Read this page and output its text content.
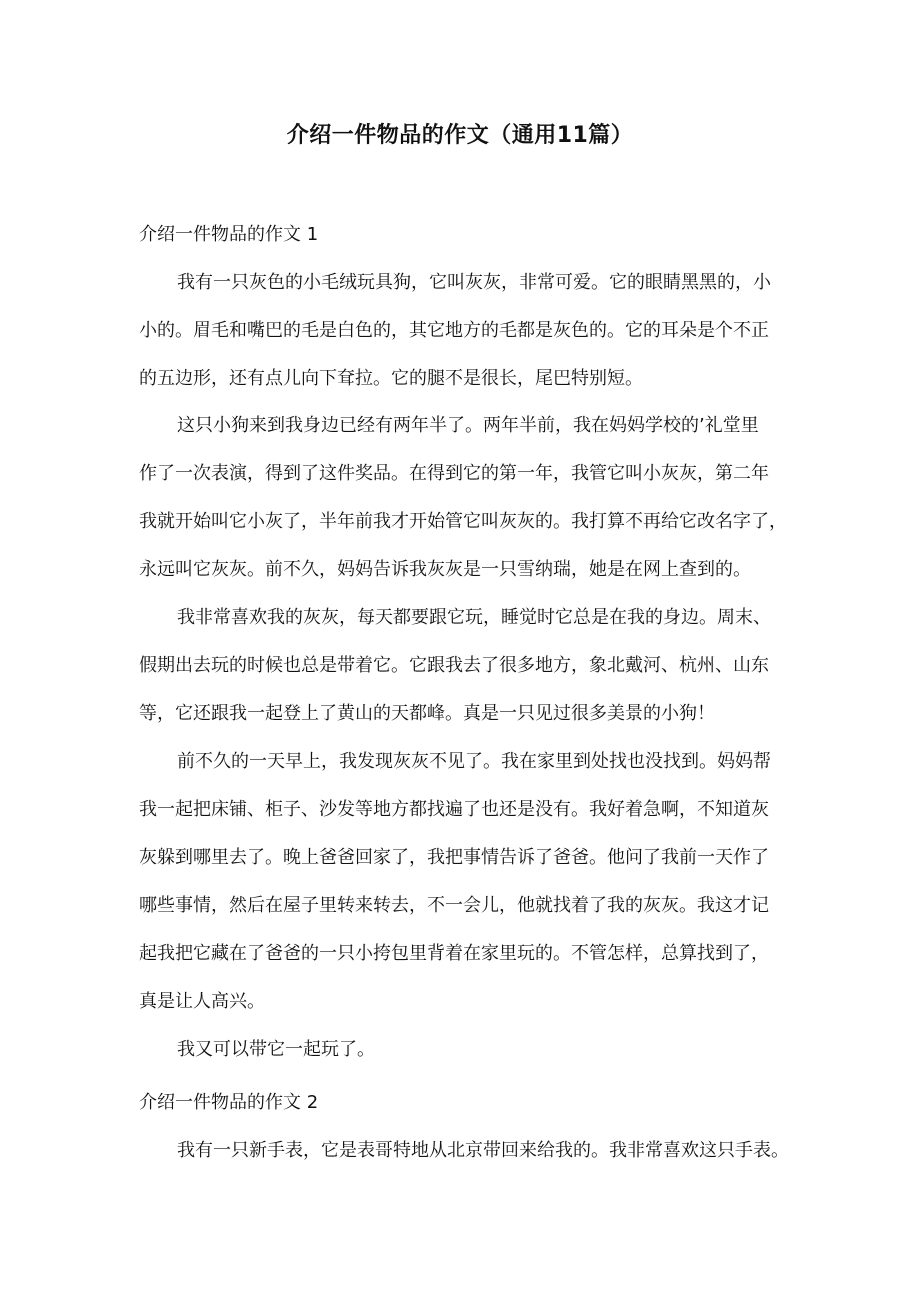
介绍一件物品的作文（通用11篇）

介绍一件物品的作文 1

我有一只灰色的小毛绒玩具狗，它叫灰灰，非常可爱。它的眼睛黑黑的，小

小的。眉毛和嘴巴的毛是白色的，其它地方的毛都是灰色的。它的耳朵是个不正

的五边形，还有点儿向下耷拉。它的腿不是很长，尾巴特别短。

这只小狗来到我身边已经有两年半了。两年半前，我在妈妈学校的’礼堂里

作了一次表演，得到了这件奖品。在得到它的第一年，我管它叫小灰灰，第二年

我就开始叫它小灰了，半年前我才开始管它叫灰灰的。我打算不再给它改名字了，

永远叫它灰灰。前不久，妈妈告诉我灰灰是一只雪纳瑞，她是在网上查到的。

我非常喜欢我的灰灰，每天都要跟它玩，睡觉时它总是在我的身边。周末、

假期出去玩的时候也总是带着它。它跟我去了很多地方，象北戴河、杭州、山东

等，它还跟我一起登上了黄山的天都峰。真是一只见过很多美景的小狗！

前不久的一天早上，我发现灰灰不见了。我在家里到处找也没找到。妈妈帮

我一起把床铺、柜子、沙发等地方都找遍了也还是没有。我好着急啊，不知道灰

灰躲到哪里去了。晚上爸爸回家了，我把事情告诉了爸爸。他问了我前一天作了

哪些事情，然后在屋子里转来转去，不一会儿，他就找着了我的灰灰。我这才记

起我把它藏在了爸爸的一只小挎包里背着在家里玩的。不管怎样，总算找到了，

真是让人高兴。

我又可以带它一起玩了。

介绍一件物品的作文 2

我有一只新手表，它是表哥特地从北京带回来给我的。我非常喜欢这只手表。
